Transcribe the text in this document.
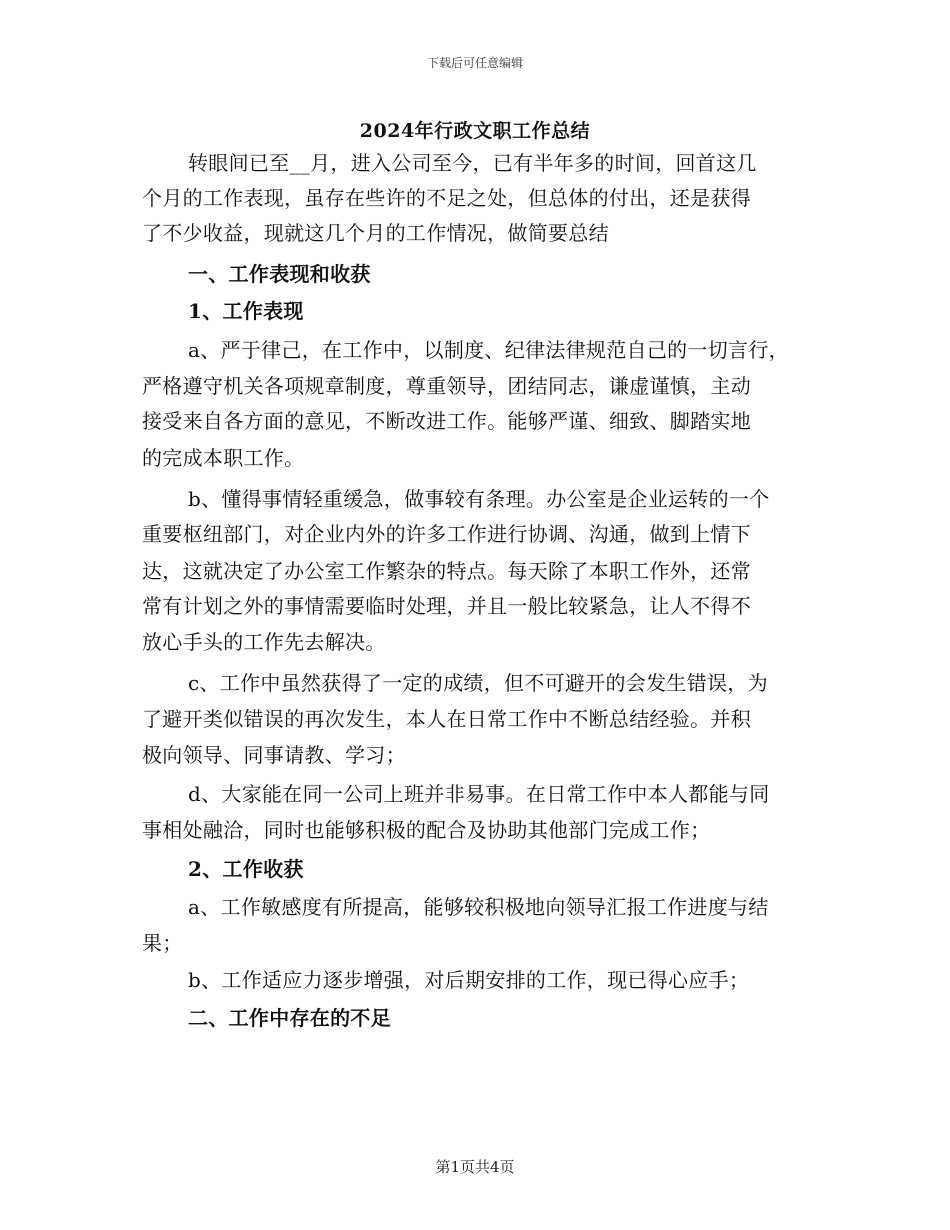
下载后可任意编辑
2024年行政文职工作总结
转眼间已至__月，进入公司至今，已有半年多的时间，回首这几
个月的工作表现，虽存在些许的不足之处，但总体的付出，还是获得
了不少收益，现就这几个月的工作情况，做简要总结
一、工作表现和收获
1、工作表现
a、严于律己，在工作中，以制度、纪律法律规范自己的一切言行，
严格遵守机关各项规章制度，尊重领导，团结同志，谦虚谨慎，主动
接受来自各方面的意见，不断改进工作。能够严谨、细致、脚踏实地
的完成本职工作。
b、懂得事情轻重缓急，做事较有条理。办公室是企业运转的一个
重要枢纽部门，对企业内外的许多工作进行协调、沟通，做到上情下
达，这就决定了办公室工作繁杂的特点。每天除了本职工作外，还常
常有计划之外的事情需要临时处理，并且一般比较紧急，让人不得不
放心手头的工作先去解决。
c、工作中虽然获得了一定的成绩，但不可避开的会发生错误，为
了避开类似错误的再次发生，本人在日常工作中不断总结经验。并积
极向领导、同事请教、学习；
d、大家能在同一公司上班并非易事。在日常工作中本人都能与同
事相处融洽，同时也能够积极的配合及协助其他部门完成工作；
2、工作收获
a、工作敏感度有所提高，能够较积极地向领导汇报工作进度与结
果；
b、工作适应力逐步增强，对后期安排的工作，现已得心应手；
二、工作中存在的不足
第1页共4页
